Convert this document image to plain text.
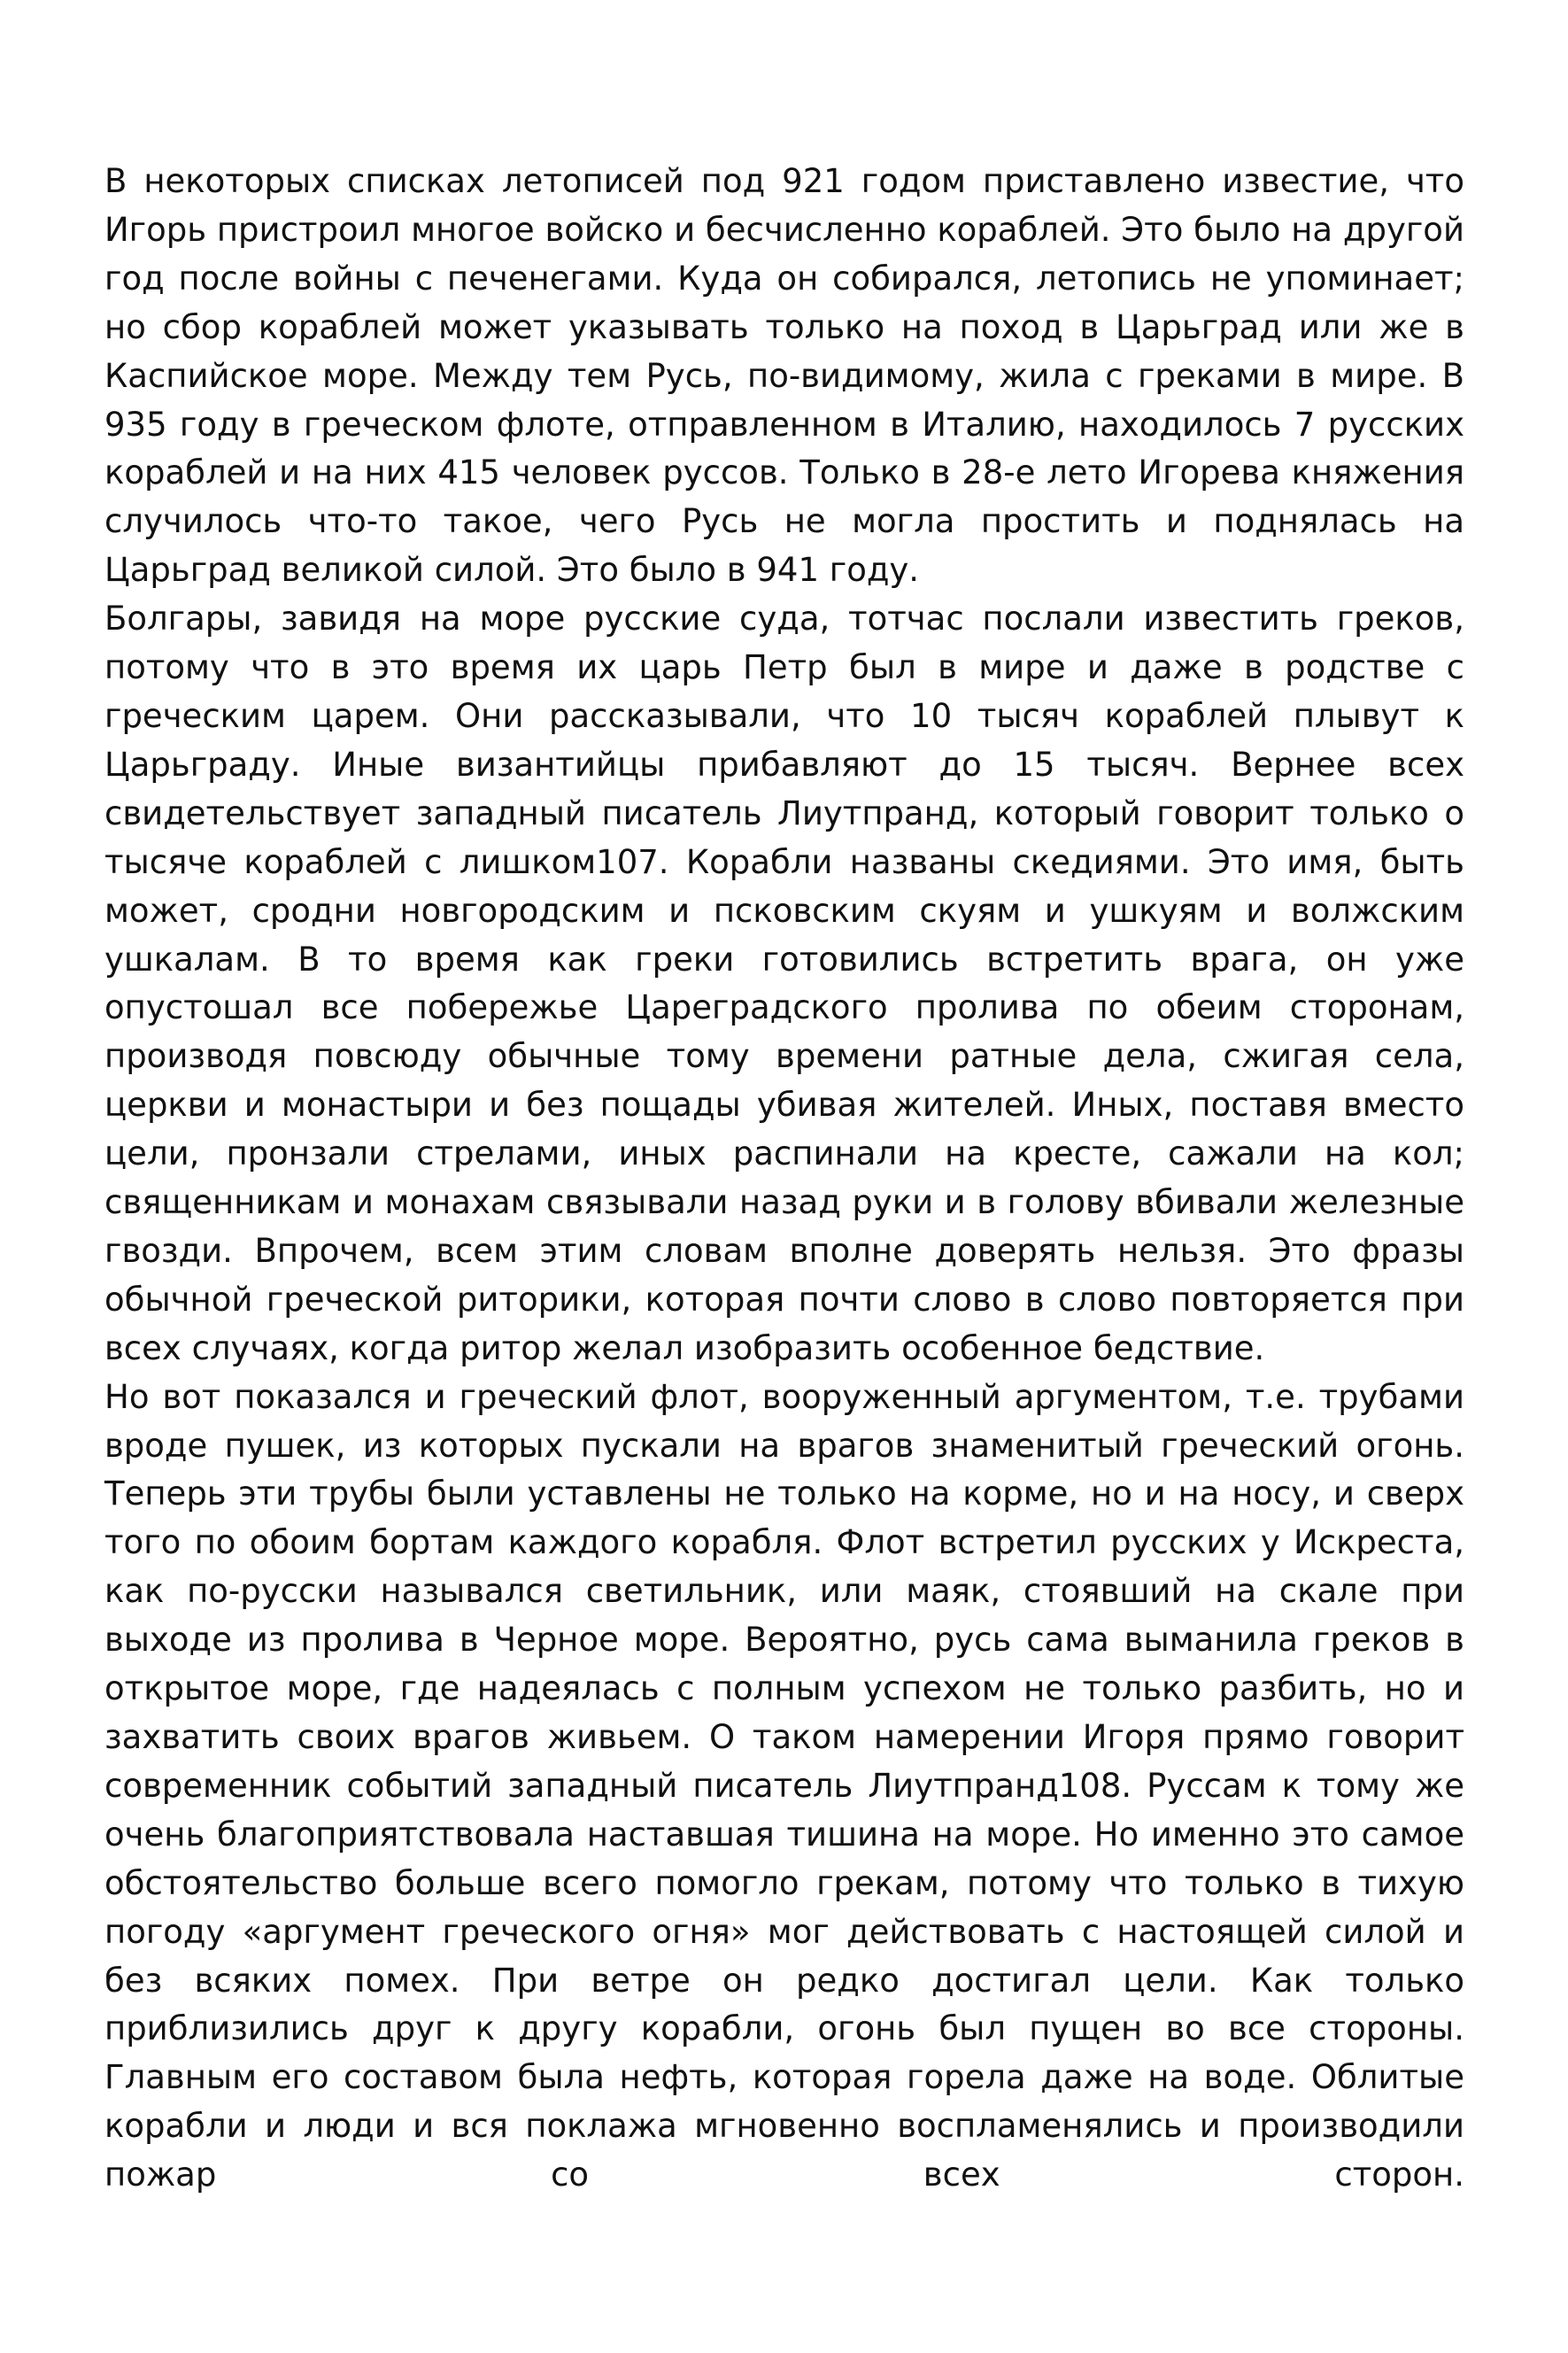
В некоторых списках летописей под 921 годом приставлено известие, что Игорь пристроил многое войско и бесчисленно кораблей. Это было на другой год после войны с печенегами. Куда он собирался, летопись не упоминает; но сбор кораблей может указывать только на поход в Царьград или же в Каспийское море. Между тем Русь, по-видимому, жила с греками в мире. В 935 году в греческом флоте, отправленном в Италию, находилось 7 русских кораблей и на них 415 человек руссов. Только в 28-е лето Игорева княжения случилось что-то такое, чего Русь не могла простить и поднялась на Царьград великой силой. Это было в 941 году.

Болгары, завидя на море русские суда, тотчас послали известить греков, потому что в это время их царь Петр был в мире и даже в родстве с греческим царем. Они рассказывали, что 10 тысяч кораблей плывут к Царьграду. Иные византийцы прибавляют до 15 тысяч. Вернее всех свидетельствует западный писатель Лиутпранд, который говорит только о тысяче кораблей с лишком107. Корабли названы скедиями. Это имя, быть может, сродни новгородским и псковским скуям и ушкуям и волжским ушкалам. В то время как греки готовились встретить врага, он уже опустошал все побережье Цареградского пролива по обеим сторонам, производя повсюду обычные тому времени ратные дела, сжигая села, церкви и монастыри и без пощады убивая жителей. Иных, поставя вместо цели, пронзали стрелами, иных распинали на кресте, сажали на кол; священникам и монахам связывали назад руки и в голову вбивали железные гвозди. Впрочем, всем этим словам вполне доверять нельзя. Это фразы обычной греческой риторики, которая почти слово в слово повторяется при всех случаях, когда ритор желал изобразить особенное бедствие.

Но вот показался и греческий флот, вооруженный аргументом, т.е. трубами вроде пушек, из которых пускали на врагов знаменитый греческий огонь. Теперь эти трубы были уставлены не только на корме, но и на носу, и сверх того по обоим бортам каждого корабля. Флот встретил русских у Искреста, как по-русски назывался светильник, или маяк, стоявший на скале при выходе из пролива в Черное море. Вероятно, русь сама выманила греков в открытое море, где надеялась с полным успехом не только разбить, но и захватить своих врагов живьем. О таком намерении Игоря прямо говорит современник событий западный писатель Лиутпранд108. Руссам к тому же очень благоприятствовала наставшая тишина на море. Но именно это самое обстоятельство больше всего помогло грекам, потому что только в тихую погоду «аргумент греческого огня» мог действовать с настоящей силой и без всяких помех. При ветре он редко достигал цели. Как только приблизились друг к другу корабли, огонь был пущен во все стороны. Главным его составом была нефть, которая горела даже на воде. Облитые корабли и люди и вся поклажа мгновенно воспламенялись и производили пожар со всех сторон.
